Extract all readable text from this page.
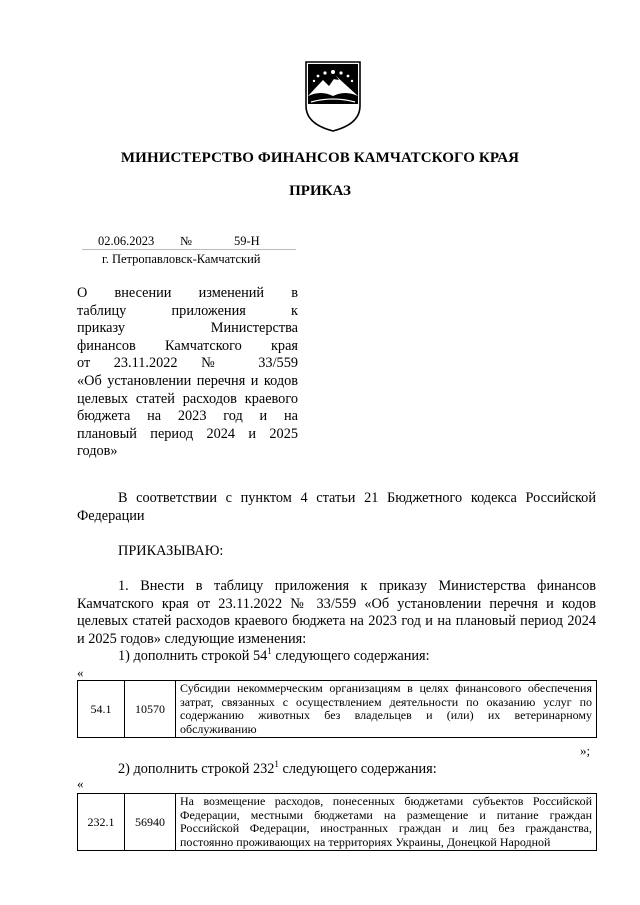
МИНИСТЕРСТВО ФИНАНСОВ КАМЧАТСКОГО КРАЯ
ПРИКАЗ
02.06.2023 №	59-Н
г. Петропавловск-Камчатский
О внесении изменений в
таблицу приложения к
приказу Министерства
финансов Камчатского края
от 23.11.2022 № 33/559
«Об установлении перечня и кодов
целевых статей расходов краевого
бюджета на 2023 год и на
плановый период 2024 и 2025
годов»
В соответствии с пунктом 4 статьи 21 Бюджетного кодекса Российской Федерации
ПРИКАЗЫВАЮ:
1. Внести в таблицу приложения к приказу Министерства финансов Камчатского края от 23.11.2022 № 33/559 «Об установлении перечня и кодов целевых статей расходов краевого бюджета на 2023 год и на плановый период 2024 и 2025 годов» следующие изменения:
1) дополнить строкой $54^1$ следующего содержания:
«
54.1	10570	Субсидии некоммерческим организациям в целях финансового обеспечения затрат, связанных с осуществлением деятельности по оказанию услуг по содержанию животных без владельцев и (или) их ветеринарному обслуживанию
»;
2) дополнить строкой $232^1$ следующего содержания:
«
232.1	56940	На возмещение расходов, понесенных бюджетами субъектов Российской Федерации, местными бюджетами на размещение и питание граждан Российской Федерации, иностранных граждан и лиц без гражданства, постоянно проживающих на территориях Украины, Донецкой Народной
